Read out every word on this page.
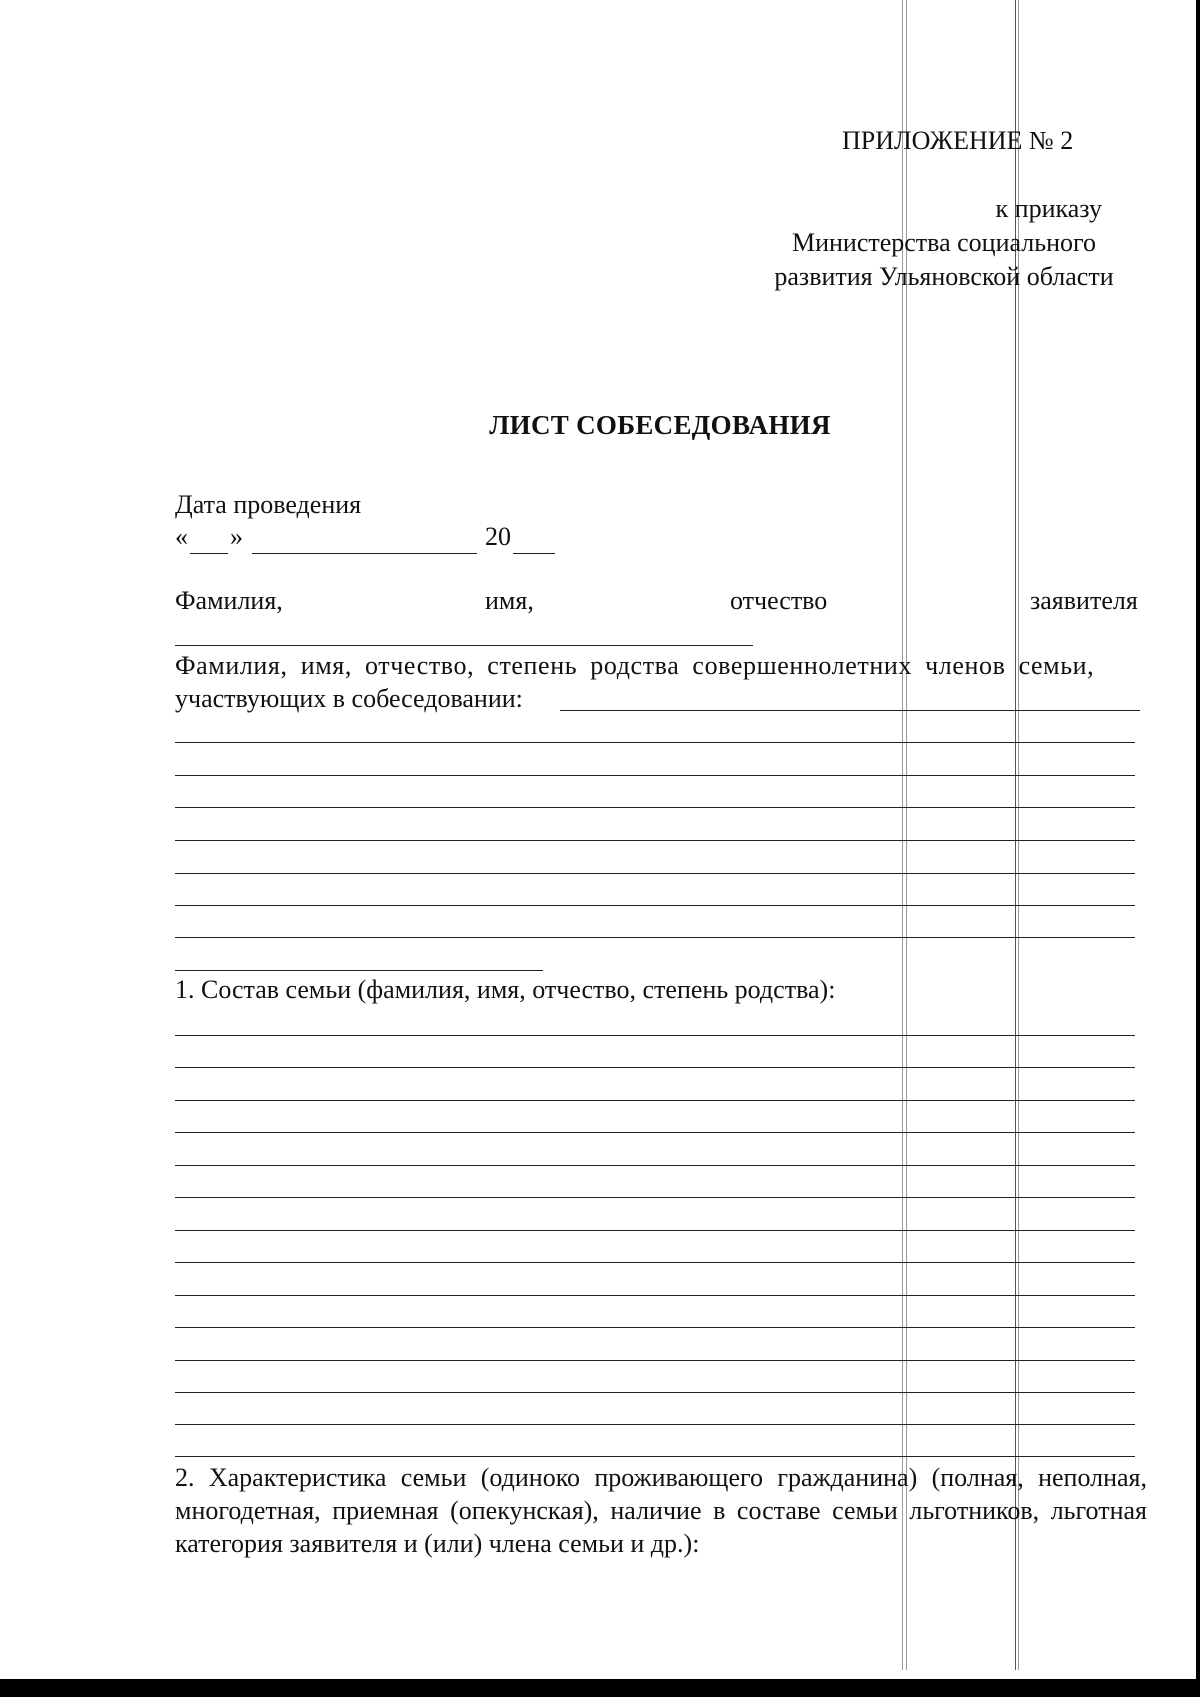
ПРИЛОЖЕНИЕ № 2
к приказу
Министерства социального
развития Ульяновской области
ЛИСТ СОБЕСЕДОВАНИЯ
Дата проведения
« »	20
Фамилия,	имя,	отчество	заявителя
Фамилия, имя, отчество, степень родства совершеннолетних членов семьи,
участвующих в собеседовании:
1. Состав семьи (фамилия, имя, отчество, степень родства):
2. Характеристика семьи (одиноко проживающего гражданина) (полная, неполная, многодетная, приемная (опекунская), наличие в составе семьи льготников, льготная категория заявителя и (или) члена семьи и др.):
